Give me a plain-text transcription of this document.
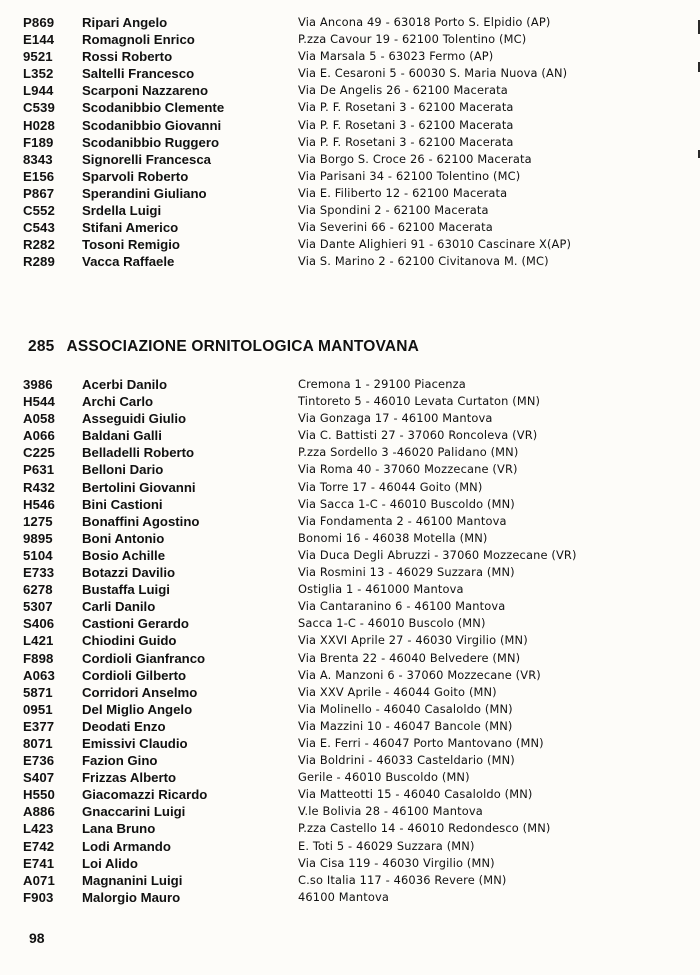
P869	Ripari Angelo	Via Ancona 49 - 63018 Porto S. Elpidio (AP)
E144	Romagnoli Enrico	P.zza Cavour 19 - 62100 Tolentino (MC)
9521	Rossi Roberto	Via Marsala 5 - 63023 Fermo (AP)
L352	Saltelli Francesco	Via E. Cesaroni 5 - 60030 S. Maria Nuova (AN)
L944	Scarponi Nazzareno	Via De Angelis 26 - 62100 Macerata
C539	Scodanibbio Clemente	Via P. F. Rosetani 3 - 62100 Macerata
H028	Scodanibbio Giovanni	Via P. F. Rosetani 3 - 62100 Macerata
F189	Scodanibbio Ruggero	Via P. F. Rosetani 3 - 62100 Macerata
8343	Signorelli Francesca	Via Borgo S. Croce 26 - 62100 Macerata
E156	Sparvoli Roberto	Via Parisani 34 - 62100 Tolentino (MC)
P867	Sperandini Giuliano	Via E. Filiberto 12 - 62100 Macerata
C552	Srdella Luigi	Via Spondini 2 - 62100 Macerata
C543	Stifani Americo	Via Severini 66 - 62100 Macerata
R282	Tosoni Remigio	Via Dante Alighieri 91 - 63010 Cascinare X(AP)
R289	Vacca Raffaele	Via S. Marino 2 - 62100 Civitanova M. (MC)
285 ASSOCIAZIONE ORNITOLOGICA MANTOVANA
3986	Acerbi Danilo	Cremona 1 - 29100 Piacenza
H544	Archi Carlo	Tintoreto 5 - 46010 Levata Curtaton (MN)
A058	Asseguidi Giulio	Via Gonzaga 17 - 46100 Mantova
A066	Baldani Galli	Via C. Battisti 27 - 37060 Roncoleva (VR)
C225	Belladelli Roberto	P.zza Sordello 3 -46020 Palidano (MN)
P631	Belloni Dario	Via Roma 40 - 37060 Mozzecane (VR)
R432	Bertolini Giovanni	Via Torre 17 - 46044 Goito (MN)
H546	Bini Castioni	Via Sacca 1-C - 46010 Buscoldo (MN)
1275	Bonaffini Agostino	Via Fondamenta 2 - 46100 Mantova
9895	Boni Antonio	Bonomi 16 - 46038 Motella (MN)
5104	Bosio Achille	Via Duca Degli Abruzzi - 37060 Mozzecane (VR)
E733	Botazzi Davilio	Via Rosmini 13 - 46029 Suzzara (MN)
6278	Bustaffa Luigi	Ostiglia 1 - 461000 Mantova
5307	Carli Danilo	Via Cantaranino 6 - 46100 Mantova
S406	Castioni Gerardo	Sacca 1-C - 46010 Buscolo (MN)
L421	Chiodini Guido	Via XXVI Aprile 27 - 46030 Virgilio (MN)
F898	Cordioli Gianfranco	Via Brenta 22 - 46040 Belvedere (MN)
A063	Cordioli Gilberto	Via A. Manzoni 6 - 37060 Mozzecane (VR)
5871	Corridori Anselmo	Via XXV Aprile - 46044 Goito (MN)
0951	Del Miglio Angelo	Via Molinello - 46040 Casaloldo (MN)
E377	Deodati Enzo	Via Mazzini 10 - 46047 Bancole (MN)
8071	Emissivi Claudio	Via E. Ferri - 46047 Porto Mantovano (MN)
E736	Fazion Gino	Via Boldrini - 46033 Casteldario (MN)
S407	Frizzas Alberto	Gerile - 46010 Buscoldo (MN)
H550	Giacomazzi Ricardo	Via Matteotti 15 - 46040 Casaloldo (MN)
A886	Gnaccarini Luigi	V.le Bolivia 28 - 46100 Mantova
L423	Lana Bruno	P.zza Castello 14 - 46010 Redondesco (MN)
E742	Lodi Armando	E. Toti 5 - 46029 Suzzara (MN)
E741	Loi Alido	Via Cisa 119 - 46030 Virgilio (MN)
A071	Magnanini Luigi	C.so Italia 117 - 46036 Revere (MN)
F903	Malorgio Mauro	46100 Mantova
98
